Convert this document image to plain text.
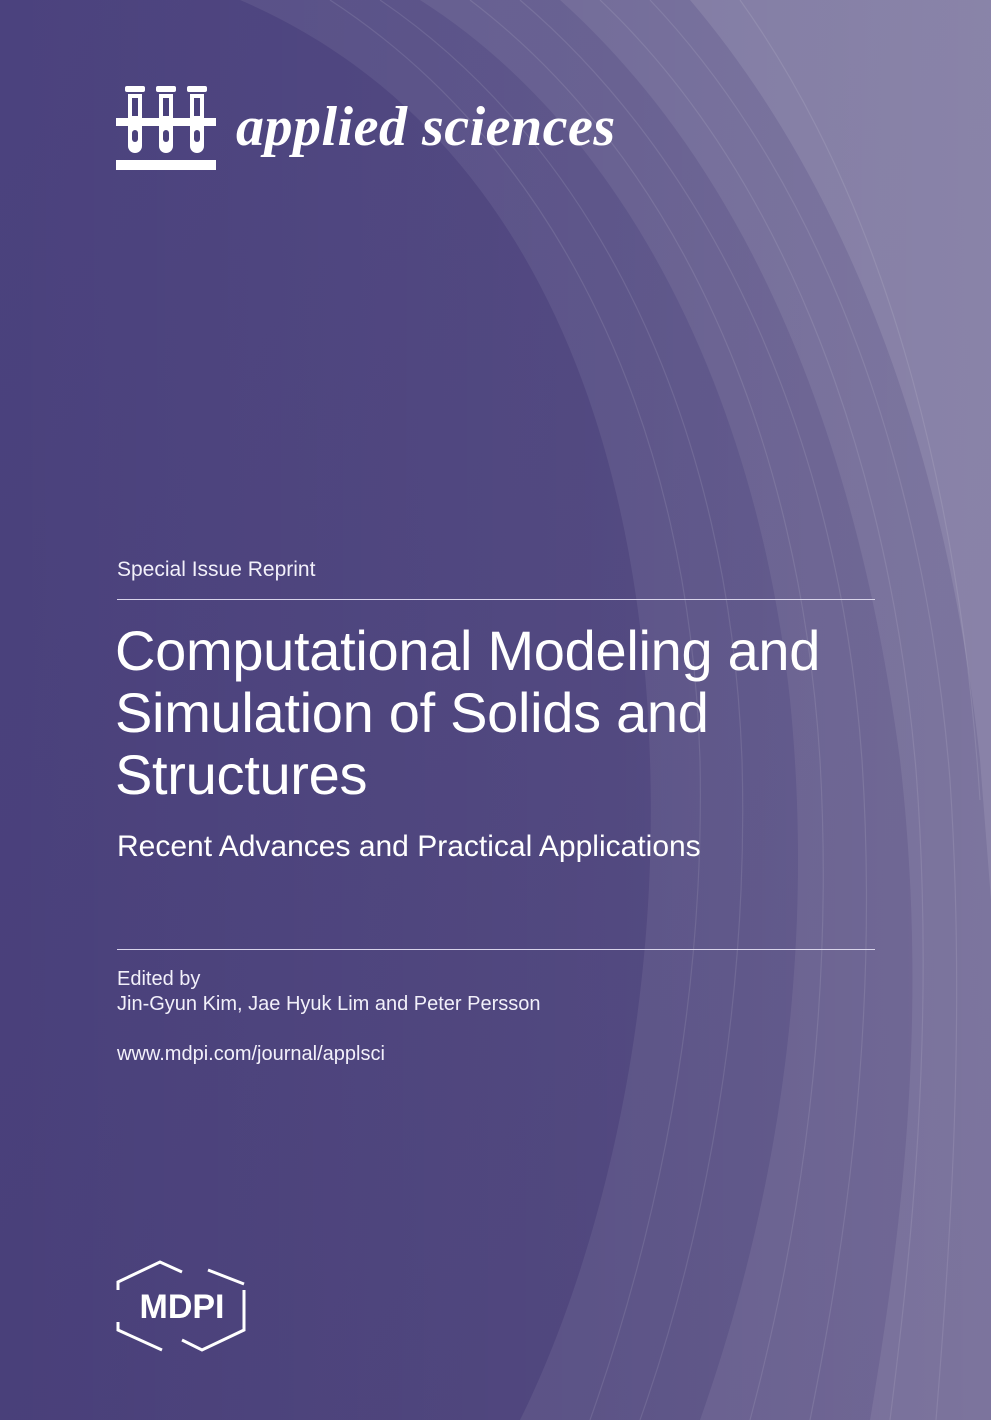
applied sciences

Special Issue Reprint

Computational Modeling and Simulation of Solids and Structures

Recent Advances and Practical Applications

Edited by

Jin-Gyun Kim, Jae Hyuk Lim and Peter Persson

www.mdpi.com/journal/applsci

MDPI
